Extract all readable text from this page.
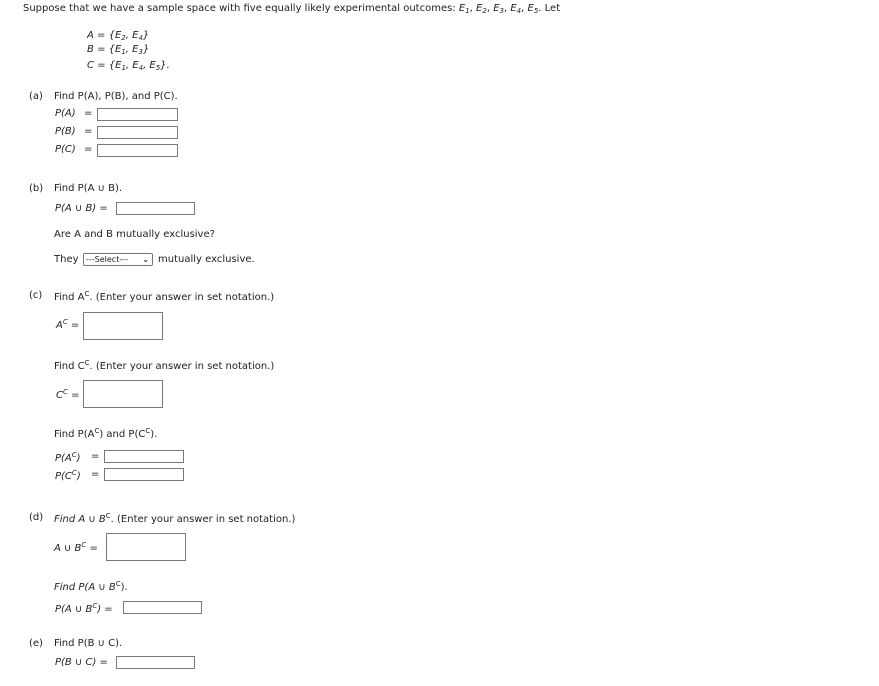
Suppose that we have a sample space with five equally likely experimental outcomes: $E_1$, $E_2$, $E_3$, $E_4$, $E_5$. Let
$A = \{E_2$, $E_4$}
$B = \{E_1$, $E_3$}
$C = \{E_1$, $E_4$, $E_5$}.
(a) Find P(A), P(B), and P(C).
P(A) =
P(B) =
P(C) =
(b) Find P(A ∪ B).
P(A ∪ B) =
Are A and B mutually exclusive?
They ---Select--- ⌄ mutually exclusive.
(c) Find $A^C$. (Enter your answer in set notation.)
$A^C$ =
Find $C^C$. (Enter your answer in set notation.)
$C^C$ =
Find $P(A^C)$ and $P(C^C)$.
$P(A^C)$ =
$P(C^C)$ =
(d) Find A ∪ $B^C$. (Enter your answer in set notation.)
A ∪ $B^C$ =
Find P(A ∪ $B^C$).
P(A ∪ $B^C$) =
(e) Find P(B ∪ C).
P(B ∪ C) =
